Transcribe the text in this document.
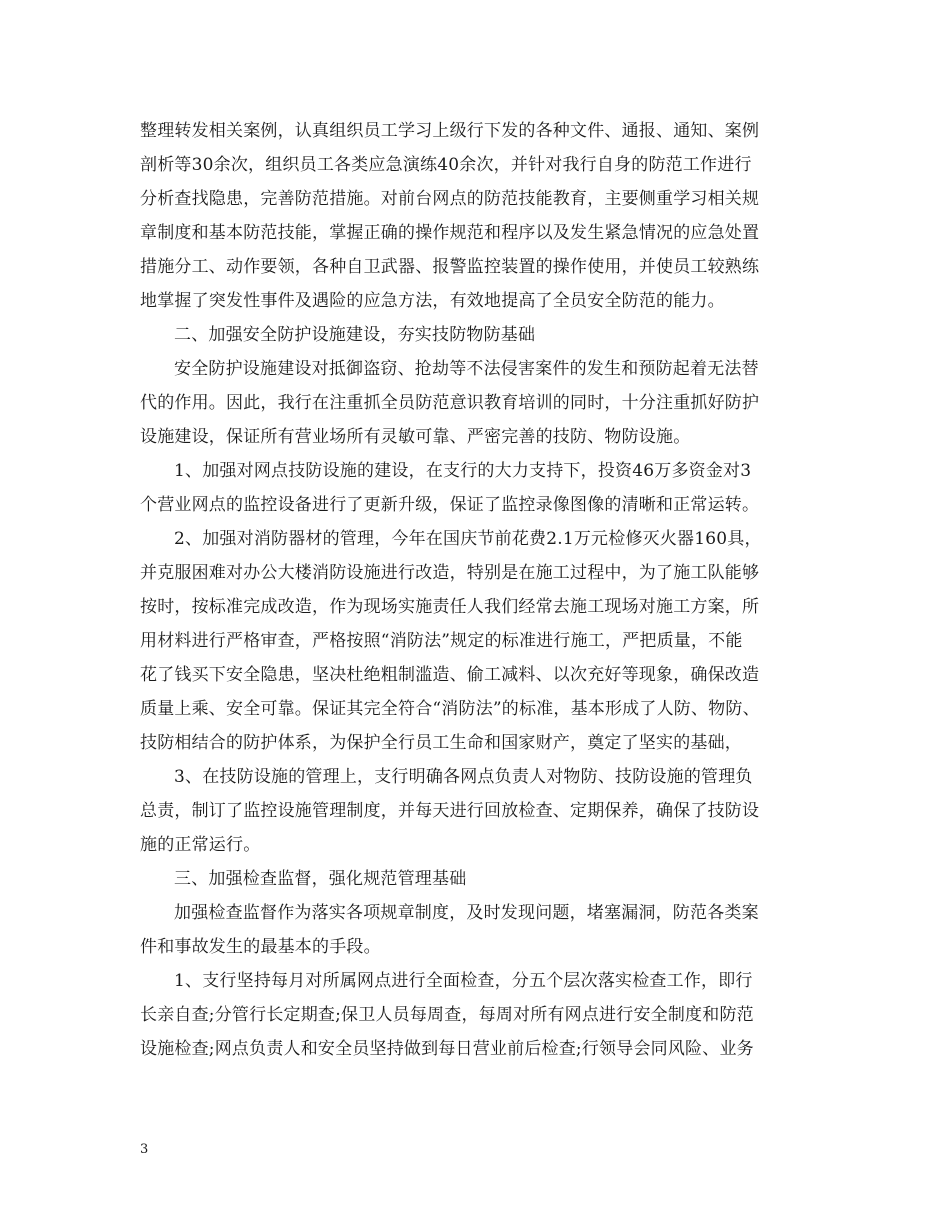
整理转发相关案例，认真组织员工学习上级行下发的各种文件、通报、通知、案例
剖析等30余次，组织员工各类应急演练40余次，并针对我行自身的防范工作进行
分析查找隐患，完善防范措施。对前台网点的防范技能教育，主要侧重学习相关规
章制度和基本防范技能，掌握正确的操作规范和程序以及发生紧急情况的应急处置
措施分工、动作要领，各种自卫武器、报警监控装置的操作使用，并使员工较熟练
地掌握了突发性事件及遇险的应急方法，有效地提高了全员安全防范的能力。
二、加强安全防护设施建设，夯实技防物防基础
安全防护设施建设对抵御盗窃、抢劫等不法侵害案件的发生和预防起着无法替
代的作用。因此，我行在注重抓全员防范意识教育培训的同时，十分注重抓好防护
设施建设，保证所有营业场所有灵敏可靠、严密完善的技防、物防设施。
1、加强对网点技防设施的建设，在支行的大力支持下，投资46万多资金对3
个营业网点的监控设备进行了更新升级，保证了监控录像图像的清晰和正常运转。
2、加强对消防器材的管理，今年在国庆节前花费2.1万元检修灭火器160具，
并克服困难对办公大楼消防设施进行改造，特别是在施工过程中，为了施工队能够
按时，按标准完成改造，作为现场实施责任人我们经常去施工现场对施工方案，所
用材料进行严格审查，严格按照“消防法”规定的标准进行施工，严把质量，不能
花了钱买下安全隐患，坚决杜绝粗制滥造、偷工减料、以次充好等现象，确保改造
质量上乘、安全可靠。保证其完全符合“消防法”的标准，基本形成了人防、物防、
技防相结合的防护体系，为保护全行员工生命和国家财产，奠定了坚实的基础，
3、在技防设施的管理上，支行明确各网点负责人对物防、技防设施的管理负
总责，制订了监控设施管理制度，并每天进行回放检查、定期保养，确保了技防设
施的正常运行。
三、加强检查监督，强化规范管理基础
加强检查监督作为落实各项规章制度，及时发现问题，堵塞漏洞，防范各类案
件和事故发生的最基本的手段。
1、支行坚持每月对所属网点进行全面检查，分五个层次落实检查工作，即行
长亲自查;分管行长定期查;保卫人员每周查，每周对所有网点进行安全制度和防范
设施检查;网点负责人和安全员坚持做到每日营业前后检查;行领导会同风险、业务
3
